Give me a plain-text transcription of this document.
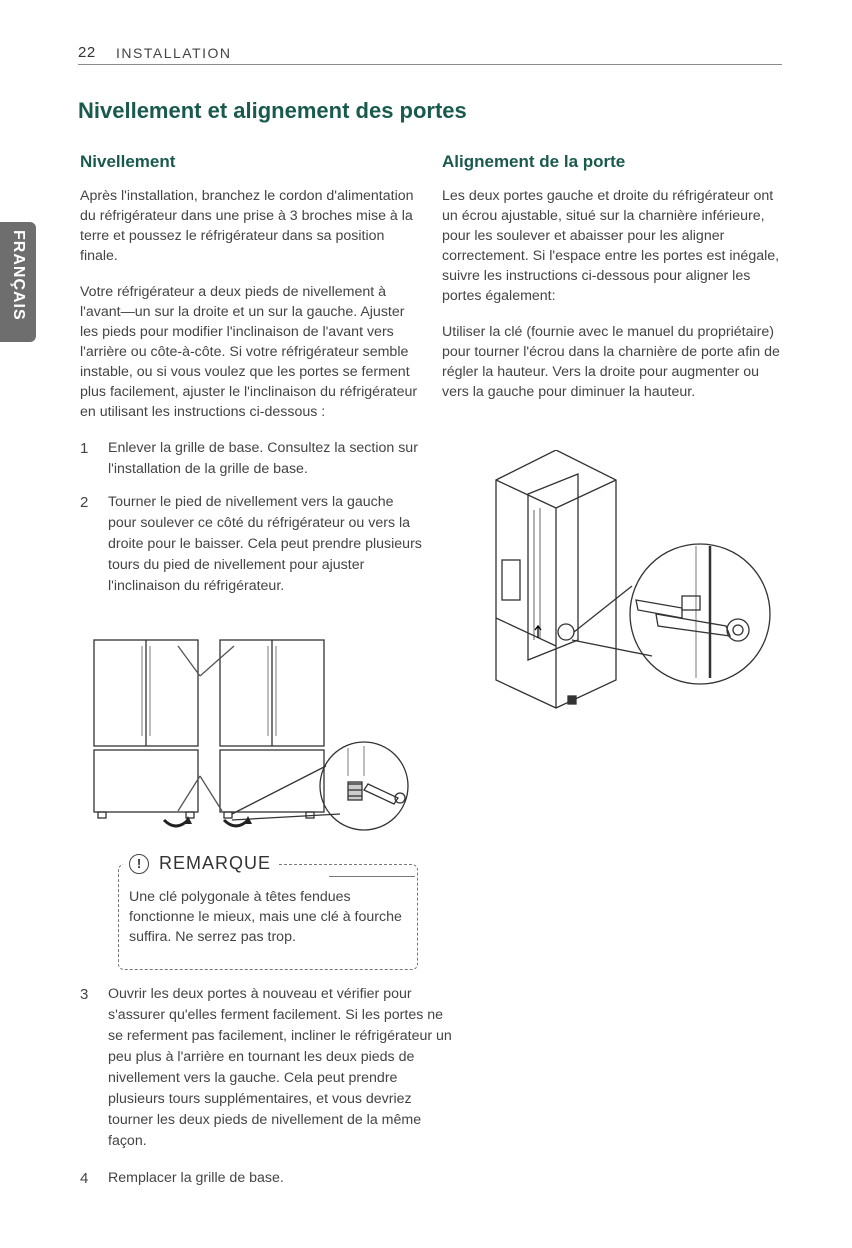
22 INSTALLATION
Nivellement et alignement des portes
FRANÇAIS
Nivellement

Après l'installation, branchez le cordon d'alimentation du réfrigérateur dans une prise à 3 broches mise à la terre et poussez le réfrigérateur dans sa position finale.

Votre réfrigérateur a deux pieds de nivellement à l'avant—un sur la droite et un sur la gauche. Ajuster les pieds pour modifier l'inclinaison de l'avant vers l'arrière ou côte-à-côte. Si votre réfrigérateur semble instable, ou si vous voulez que les portes se ferment plus facilement, ajuster le l'inclinaison du réfrigérateur en utilisant les instructions ci-dessous :

1 Enlever la grille de base. Consultez la section sur l'installation de la grille de base.
2 Tourner le pied de nivellement vers la gauche pour soulever ce côté du réfrigérateur ou vers la droite pour le baisser. Cela peut prendre plusieurs tours du pied de nivellement pour ajuster l'inclinaison du réfrigérateur.
! REMARQUE
Une clé polygonale à têtes fendues fonctionne le mieux, mais une clé à fourche suffira. Ne serrez pas trop.
3 Ouvrir les deux portes à nouveau et vérifier pour s'assurer qu'elles ferment facilement. Si les portes ne se referment pas facilement, incliner le réfrigérateur un peu plus à l'arrière en tournant les deux pieds de nivellement vers la gauche. Cela peut prendre plusieurs tours supplémentaires, et vous devriez tourner les deux pieds de nivellement de la même façon.
4 Remplacer la grille de base.
Alignement de la porte

Les deux portes gauche et droite du réfrigérateur ont un écrou ajustable, situé sur la charnière inférieure, pour les soulever et abaisser pour les aligner correctement. Si l'espace entre les portes est inégale, suivre les instructions ci-dessous pour aligner les portes également:

Utiliser la clé (fournie avec le manuel du propriétaire) pour tourner l'écrou dans la charnière de porte afin de régler la hauteur. Vers la droite pour augmenter ou vers la gauche pour diminuer la hauteur.
